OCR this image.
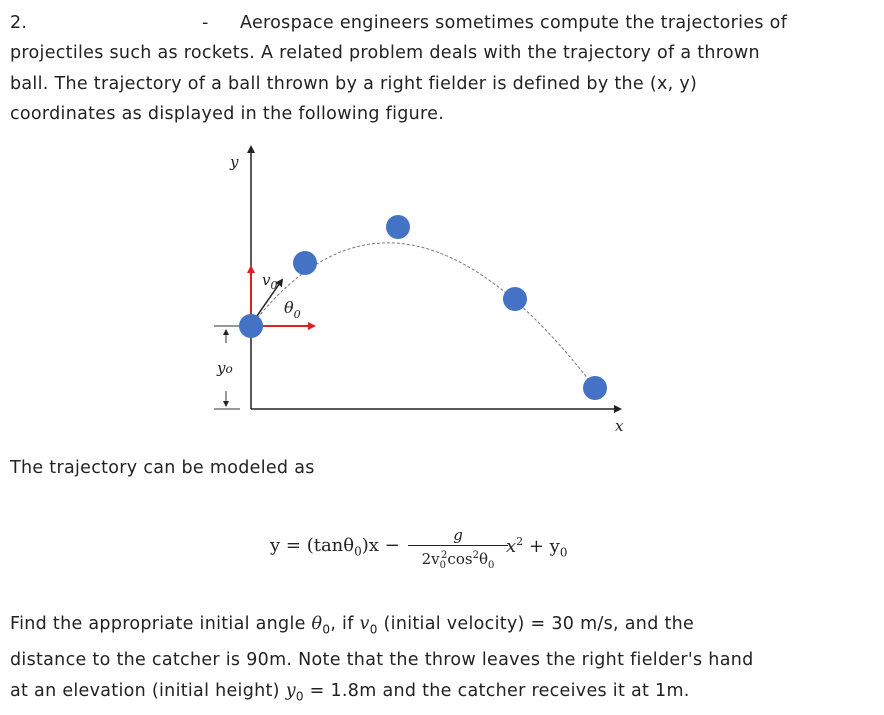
2.	- Aerospace engineers sometimes compute the trajectories of
projectiles such as rockets. A related problem deals with the trajectory of a thrown
ball. The trajectory of a ball thrown by a right fielder is defined by the (x, y)
coordinates as displayed in the following figure.
y
x
yo
$v_0$
$\theta_0$
The trajectory can be modeled as
y = (tanθ$_0$)x −	g
$2v_0^2\cos^2\theta_0$
$x^2 + y_0$
Find the appropriate initial angle $\theta_0$, if $v_0$ (initial velocity) = 30 m/s, and the
distance to the catcher is 90m. Note that the throw leaves the right fielder's hand
at an elevation (initial height) $y_0 = 1.8m$ and the catcher receives it at 1m.
